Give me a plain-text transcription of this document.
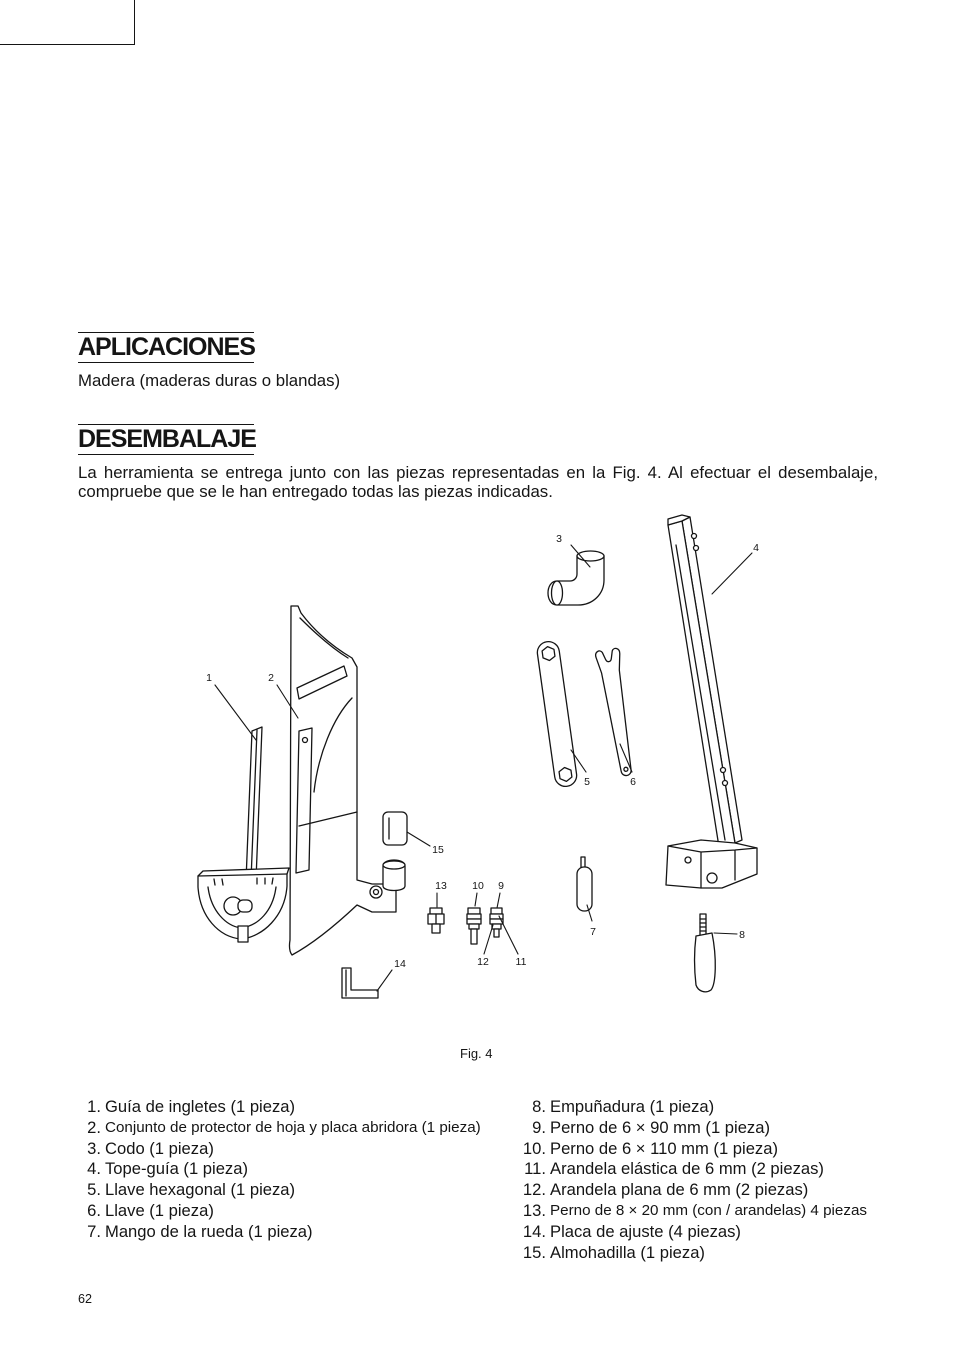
APLICACIONES
Madera (maderas duras o blandas)
DESEMBALAJE
La herramienta se entrega junto con las piezas representadas en la Fig. 4. Al efectuar el desembalaje, compruebe que se le han entregado todas las piezas indicadas.
1	2
3
4
5	6
7	8
9
10
11
12
13
14
15
Fig. 4
1. Guía de ingletes (1 pieza)
2. Conjunto de protector de hoja y placa abridora (1 pieza)
3. Codo (1 pieza)
4. Tope-guía (1 pieza)
5. Llave hexagonal (1 pieza)
6. Llave (1 pieza)
7. Mango de la rueda (1 pieza)
8. Empuñadura (1 pieza)
9. Perno de 6 × 90 mm (1 pieza)
10. Perno de 6 × 110 mm (1 pieza)
11. Arandela elástica de 6 mm (2 piezas)
12. Arandela plana de 6 mm (2 piezas)
13. Perno de 8 × 20 mm (con / arandelas) 4 piezas
14. Placa de ajuste (4 piezas)
15. Almohadilla (1 pieza)
62
